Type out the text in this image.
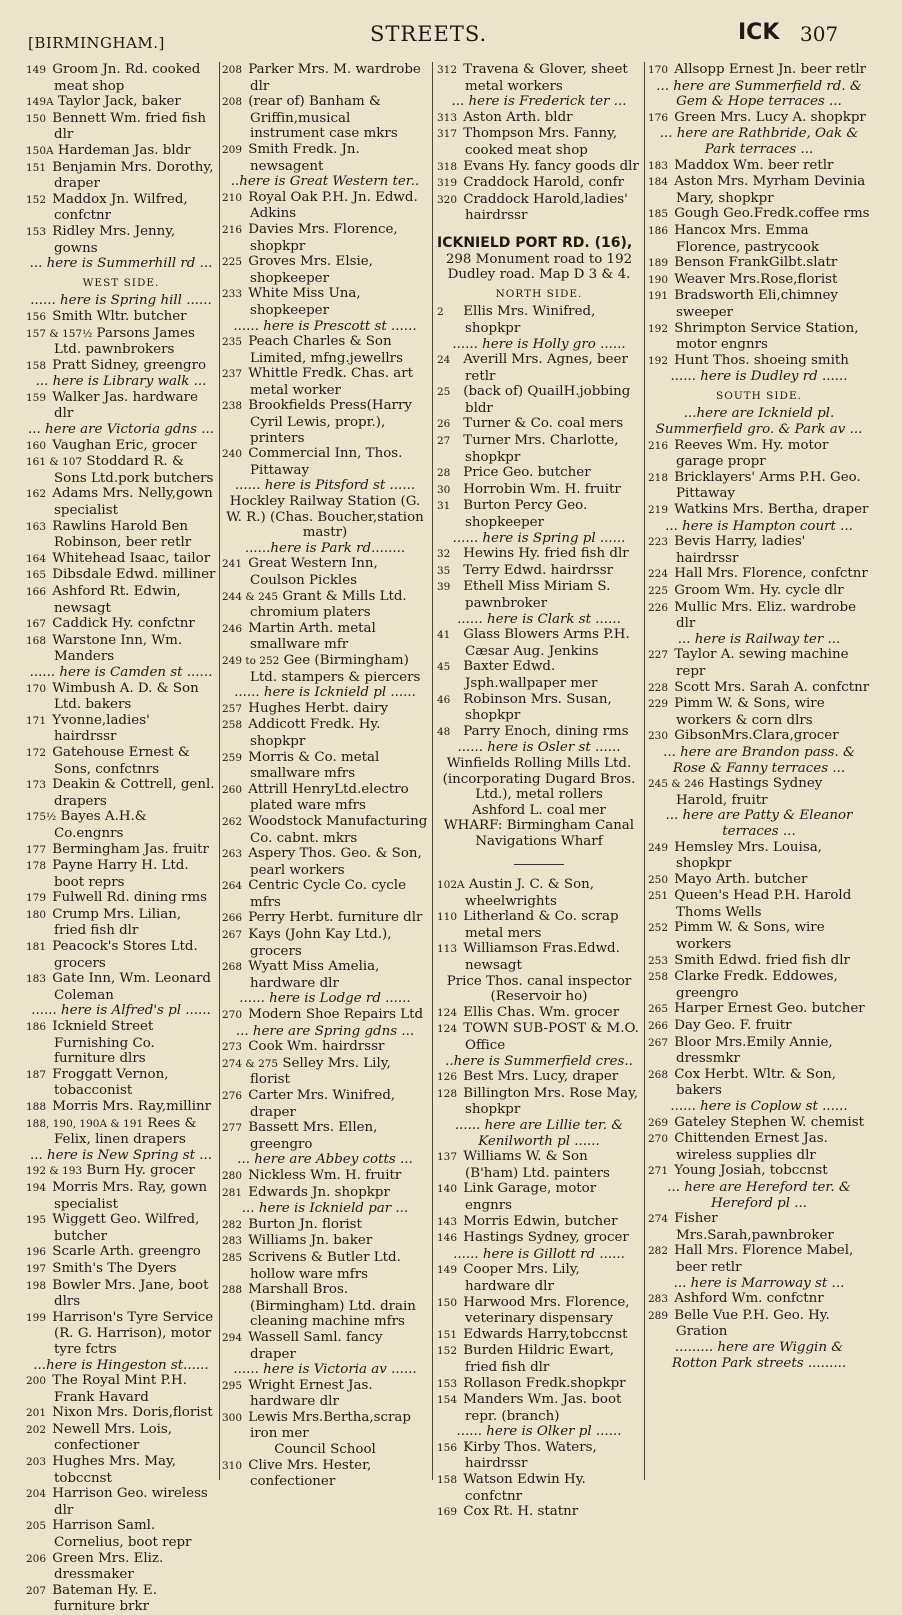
[BIRMINGHAM.]	STREETS.	ICK 307

149 Groom Jn. Rd. cooked meat shop

149A Taylor Jack, baker

150 Bennett Wm. fried fish dlr

150A Hardeman Jas. bldr

151 Benjamin Mrs. Dorothy, draper

152 Maddox Jn. Wilfred, confctnr

153 Ridley Mrs. Jenny, gowns

... here is Summerhill rd ...

WEST SIDE.

...... here is Spring hill ......

156 Smith Wltr. butcher

157 & 157½ Parsons James Ltd. pawnbrokers

158 Pratt Sidney, greengro

... here is Library walk ...

159 Walker Jas. hardware dlr

... here are Victoria gdns ...

160 Vaughan Eric, grocer

161 & 107 Stoddard R. & Sons Ltd.pork butchers

162 Adams Mrs. Nelly,gown specialist

163 Rawlins Harold Ben Robinson, beer retlr

164 Whitehead Isaac, tailor

165 Dibsdale Edwd. milliner

166 Ashford Rt. Edwin, newsagt

167 Caddick Hy. confctnr

168 Warstone Inn, Wm. Manders

...... here is Camden st ......

170 Wimbush A. D. & Son Ltd. bakers

171 Yvonne,ladies' hairdrssr

172 Gatehouse Ernest & Sons, confctnrs

173 Deakin & Cottrell, genl. drapers

175½ Bayes A.H.& Co.engnrs

177 Bermingham Jas. fruitr

178 Payne Harry H. Ltd. boot reprs

179 Fulwell Rd. dining rms

180 Crump Mrs. Lilian, fried fish dlr

181 Peacock's Stores Ltd. grocers

183 Gate Inn, Wm. Leonard Coleman

...... here is Alfred's pl ......

186 Icknield Street Furnishing Co. furniture dlrs

187 Froggatt Vernon, tobacconist

188 Morris Mrs. Ray,millinr

188, 190, 190A & 191 Rees & Felix, linen drapers

... here is New Spring st ...

192 & 193 Burn Hy. grocer

194 Morris Mrs. Ray, gown specialist

195 Wiggett Geo. Wilfred, butcher

196 Scarle Arth. greengro

197 Smith's The Dyers

198 Bowler Mrs. Jane, boot dlrs

199 Harrison's Tyre Service (R. G. Harrison), motor tyre fctrs

...here is Hingeston st......

200 The Royal Mint P.H. Frank Havard

201 Nixon Mrs. Doris,florist

202 Newell Mrs. Lois, confectioner

203 Hughes Mrs. May, tobccnst

204 Harrison Geo. wireless dlr

205 Harrison Saml. Cornelius, boot repr

206 Green Mrs. Eliz. dressmaker

207 Bateman Hy. E. furniture brkr

208 Parker Mrs. M. wardrobe dlr

208 (rear of) Banham & Griffin,musical instrument case mkrs

209 Smith Fredk. Jn. newsagent

..here is Great Western ter..

210 Royal Oak P.H. Jn. Edwd. Adkins

216 Davies Mrs. Florence, shopkpr

225 Groves Mrs. Elsie, shopkeeper

233 White Miss Una, shopkeeper

...... here is Prescott st ......

235 Peach Charles & Son Limited, mfng.jewellrs

237 Whittle Fredk. Chas. art metal worker

238 Brookfields Press(Harry Cyril Lewis, propr.), printers

240 Commercial Inn, Thos. Pittaway

...... here is Pitsford st ......

Hockley Railway Station (G. W. R.) (Chas. Boucher,station mastr)

......here is Park rd........

241 Great Western Inn, Coulson Pickles

244 & 245 Grant & Mills Ltd. chromium platers

246 Martin Arth. metal smallware mfr

249 to 252 Gee (Birmingham) Ltd. stampers & piercers

...... here is Icknield pl ......

257 Hughes Herbt. dairy

258 Addicott Fredk. Hy. shopkpr

259 Morris & Co. metal smallware mfrs

260 Attrill HenryLtd.electro plated ware mfrs

262 Woodstock Manufacturing Co. cabnt. mkrs

263 Aspery Thos. Geo. & Son, pearl workers

264 Centric Cycle Co. cycle mfrs

266 Perry Herbt. furniture dlr

267 Kays (John Kay Ltd.), grocers

268 Wyatt Miss Amelia, hardware dlr

...... here is Lodge rd ......

270 Modern Shoe Repairs Ltd

... here are Spring gdns ...

273 Cook Wm. hairdrssr

274 & 275 Selley Mrs. Lily, florist

276 Carter Mrs. Winifred, draper

277 Bassett Mrs. Ellen, greengro

... here are Abbey cotts ...

280 Nickless Wm. H. fruitr

281 Edwards Jn. shopkpr

... here is Icknield par ...

282 Burton Jn. florist

283 Williams Jn. baker

285 Scrivens & Butler Ltd. hollow ware mfrs

288 Marshall Bros.(Birmingham) Ltd. drain cleaning machine mfrs

294 Wassell Saml. fancy draper

...... here is Victoria av ......

295 Wright Ernest Jas. hardware dlr

300 Lewis Mrs.Bertha,scrap iron mer

Council School

310 Clive Mrs. Hester, confectioner

312 Travena & Glover, sheet metal workers

... here is Frederick ter ...

313 Aston Arth. bldr

317 Thompson Mrs. Fanny, cooked meat shop

318 Evans Hy. fancy goods dlr

319 Craddock Harold, confr

320 Craddock Harold,ladies' hairdrssr

ICKNIELD PORT RD. (16),

298 Monument road to 192 Dudley road. Map D 3 & 4.

NORTH SIDE.

2 Ellis Mrs. Winifred, shopkpr

...... here is Holly gro ......

24 Averill Mrs. Agnes, beer retlr

25 (back of) QuailH.jobbing bldr

26 Turner & Co. coal mers

27 Turner Mrs. Charlotte, shopkpr

28 Price Geo. butcher

30 Horrobin Wm. H. fruitr

31 Burton Percy Geo. shopkeeper

...... here is Spring pl ......

32 Hewins Hy. fried fish dlr

35 Terry Edwd. hairdrssr

39 Ethell Miss Miriam S. pawnbroker

...... here is Clark st ......

41 Glass Blowers Arms P.H. Cæsar Aug. Jenkins

45 Baxter Edwd. Jsph.wallpaper mer

46 Robinson Mrs. Susan, shopkpr

48 Parry Enoch, dining rms

...... here is Osler st ......

Winfields Rolling Mills Ltd. (incorporating Dugard Bros. Ltd.), metal rollers

Ashford L. coal mer

WHARF: Birmingham Canal Navigations Wharf

102A Austin J. C. & Son, wheelwrights

110 Litherland & Co. scrap metal mers

113 Williamson Fras.Edwd. newsagt

Price Thos. canal inspector (Reservoir ho)

124 Ellis Chas. Wm. grocer

124 TOWN SUB-POST & M.O. Office

..here is Summerfield cres..

126 Best Mrs. Lucy, draper

128 Billington Mrs. Rose May, shopkpr

...... here are Lillie ter. & Kenilworth pl ......

137 Williams W. & Son (B'ham) Ltd. painters

140 Link Garage, motor engnrs

143 Morris Edwin, butcher

146 Hastings Sydney, grocer

...... here is Gillott rd ......

149 Cooper Mrs. Lily, hardware dlr

150 Harwood Mrs. Florence, veterinary dispensary

151 Edwards Harry,tobccnst

152 Burden Hildric Ewart, fried fish dlr

153 Rollason Fredk.shopkpr

154 Manders Wm. Jas. boot repr. (branch)

...... here is Olker pl ......

156 Kirby Thos. Waters, hairdrssr

158 Watson Edwin Hy. confctnr

169 Cox Rt. H. statnr

170 Allsopp Ernest Jn. beer retlr

... here are Summerfield rd. & Gem & Hope terraces ...

176 Green Mrs. Lucy A. shopkpr

... here are Rathbride, Oak & Park terraces ...

183 Maddox Wm. beer retlr

184 Aston Mrs. Myrham Devinia Mary, shopkpr

185 Gough Geo.Fredk.coffee rms

186 Hancox Mrs. Emma Florence, pastrycook

189 Benson FrankGilbt.slatr

190 Weaver Mrs.Rose,florist

191 Bradsworth Eli,chimney sweeper

192 Shrimpton Service Station, motor engnrs

192 Hunt Thos. shoeing smith

...... here is Dudley rd ......

SOUTH SIDE.

...here are Icknield pl. Summerfield gro. & Park av ...

216 Reeves Wm. Hy. motor garage propr

218 Bricklayers' Arms P.H. Geo. Pittaway

219 Watkins Mrs. Bertha, draper

... here is Hampton court ...

223 Bevis Harry, ladies' hairdrssr

224 Hall Mrs. Florence, confctnr

225 Groom Wm. Hy. cycle dlr

226 Mullic Mrs. Eliz. wardrobe dlr

... here is Railway ter ...

227 Taylor A. sewing machine repr

228 Scott Mrs. Sarah A. confctnr

229 Pimm W. & Sons, wire workers & corn dlrs

230 GibsonMrs.Clara,grocer

... here are Brandon pass. & Rose & Fanny terraces ...

245 & 246 Hastings Sydney Harold, fruitr

... here are Patty & Eleanor terraces ...

249 Hemsley Mrs. Louisa, shopkpr

250 Mayo Arth. butcher

251 Queen's Head P.H. Harold Thoms Wells

252 Pimm W. & Sons, wire workers

253 Smith Edwd. fried fish dlr

258 Clarke Fredk. Eddowes, greengro

265 Harper Ernest Geo. butcher

266 Day Geo. F. fruitr

267 Bloor Mrs.Emily Annie, dressmkr

268 Cox Herbt. Wltr. & Son, bakers

...... here is Coplow st ......

269 Gateley Stephen W. chemist

270 Chittenden Ernest Jas. wireless supplies dlr

271 Young Josiah, tobccnst

... here are Hereford ter. & Hereford pl ...

274 Fisher Mrs.Sarah,pawnbroker

282 Hall Mrs. Florence Mabel, beer retlr

... here is Marroway st ...

283 Ashford Wm. confctnr

289 Belle Vue P.H. Geo. Hy. Gration

......... here are Wiggin & Rotton Park streets .........
